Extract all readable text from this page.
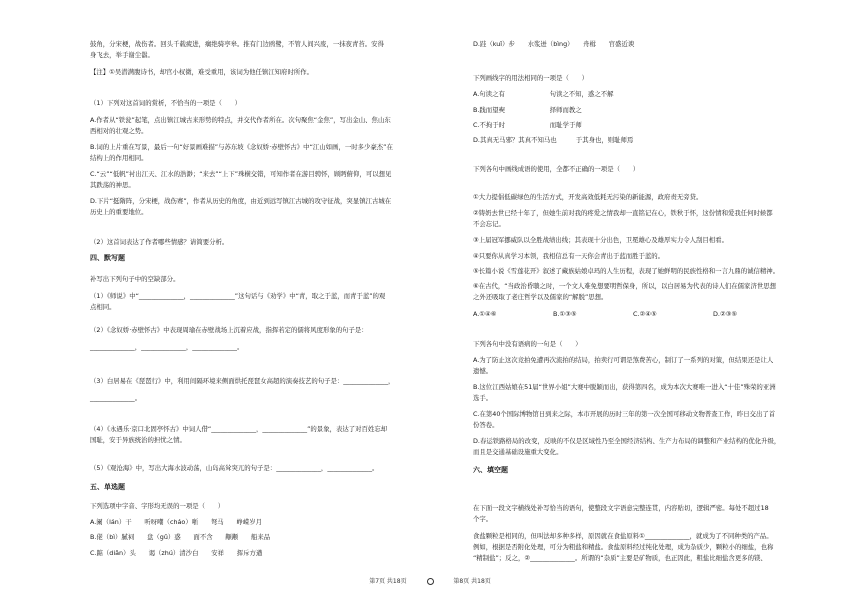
鼓角，分宋梗，战伤者。回头千载疲进，瘸绝骑亭皋。推有门边鸥鹭，不管人间兴废，一抹夜青苔。安得
身飞去，举手谢尘嚣。
【注】①吴潜满腹诗书，却官小权微，难受重用，该词为他任镇江知府时所作。
（1）下列对这首词的赏析，不恰当的一项是（　　）
A.作者从“铁瓮”起笔，点出镇江城古来形势的特点，并交代作者所在。次句聚焦“金焦”，写出金山、焦山东
西相对的壮观之势。
B.词的上片重在写景，最后一句“好景画难描”与苏东坡《念奴娇·赤壁怀古》中“江山如画，一时多少豪杰”在
结构上的作用相同。
C.“云”“低帆”衬出江天、江水的浩渺；“来去”“上下”珠横交错，可知作者在游目骋怀，顾眄俯仰，可以想见
其跌荡的神思。
D.下片“挺隋阵，分宋梗，战伤赛”，作者从历史的角度，由近到远写镇江古城的攻守征战，突显镇江古城在
历史上的重要地位。
（2）这首词表达了作者哪些情感？请简要分析。
四、默写题
补写出下列句子中的空缺部分。
（1）《师说》中“______________，______________”这句话与《劝学》中“青，取之于蓝，而青于蓝”的观
点相同。
（2）《念奴娇·赤壁怀古》中表现周瑜在赤壁战场上沉着应战，指挥若定的儒将风度形象的句子是：
______________，______________，______________。
（3）白居易在《琵琶行》中，利用间隔环境来侧面烘托琵琶女高超的演奏技艺的句子是：______________，
______________。
（4）《永遇乐·京口北固亭怀古》中词人借“______________，______________”的景象，表达了对百姓忘却
国耻，安于异族统治的担忧之情。
（5）《观沧海》中，写出大海水波动荡，山岛高耸突兀的句子是：______________，______________。
五、单选题
下列选项中字音、字形均无误的一项是（　　）
A.阑（lán）干　　听呀嘲（cháo）哳　　弩马　　峥嵘岁月
B.佬（bì）腻祠　　盘（gǔ）惑　　面不含　　颟颟　　船来品
C.踮（diǎn）头　　谒（zhú）清沙白　　安祥　　挥斥方遒
D.跬（kuǐ）步　　水浆迸（bìng）　　舟楫　　官盛近谀
下列画线字的用法相同的一项是（　　）
A.句读之有　　　　　　　句读之不知，惑之不解
B.践而望奭　　　　　　　择师而教之
C.不拘于时　　　　　　　而耻学于师
D.其真无马邪？其真不知马也　　　于其身也，则耻师焉
下列各句中画线成语的使用，全都不正确的一项是（　　）
①大力提倡低碳绿色的生活方式，开发高效低耗无污染的新能源，政府责无旁贷。
②铸奶去世已经十年了，但她生前对我的疼爱之情我却一直铭记在心，铁秋于怀，这份情和爱我任何时候都
不会忘记。
③上届冠军挪威队以全胜战绩出线；其表现十分出色，卫冕雄心及雄厚实力令人刮目相看。
④只要你从真学习本领，我相信总有一天你会青出于蓝而胜于蓝的。
⑤长篇小说《雪莲花开》叙述了藏族姑娘卓玛的人生历程，表现了她鲜明的民族性格和一言九鼎的诚信精神。
⑥在古代，“当政治昏聩之时，一个文人难免想要明哲保身，所以，以白居易为代表的诗人们在儒家济世思想
之外还吸取了老庄哲学以及儒家的“解脱”思想。
A.①④⑥	B.①③⑤	C.②④⑤	D.②③⑤
下列各句中没有语病的一句是（　　）
A.为了防止这次竞拍免遭再次流拍的结局，拍卖行可谓是煞费苦心，制订了一系列的对策，但结果还是让人
遗憾。
B.这位江西姑娘在51届“世界小姐”大赛中脱颖而出，获得第四名，成为本次大赛唯一进入“十佳”殊荣的亚洲
选手。
C.在第40个国际博物馆日到来之际，本市开展的历时三年的第一次全国可移动文物普查工作，昨日交出了首
份答卷。
D.春运铁路格局的改变，反映的不仅是区域性乃至全国经济结构、生产力布局的调整和产业结构的优化升级，
而且是交通基础设施重大变化。
六、填空题
在下面一段文字横线处补写恰当的语句，使整段文字语意完整连贯，内容贴切，逻辑严密。每处不超过18
个字。
食盐颗粒是相同的，但叫法却多种多样，原因就在食盐原料①______________，就成为了不同种类的产品。
例如，根据是否附化处理，可分为粗盐和精盐。食盐原料经过纯化处理，成为杂质少，颗粒小的细盐，也称
“精制盐”；反之，②______________。所谓的“杂质”主要是矿物质，也正因此，粗盐比细盐含更多的镁、
第7页 共18页	第8页 共18页
